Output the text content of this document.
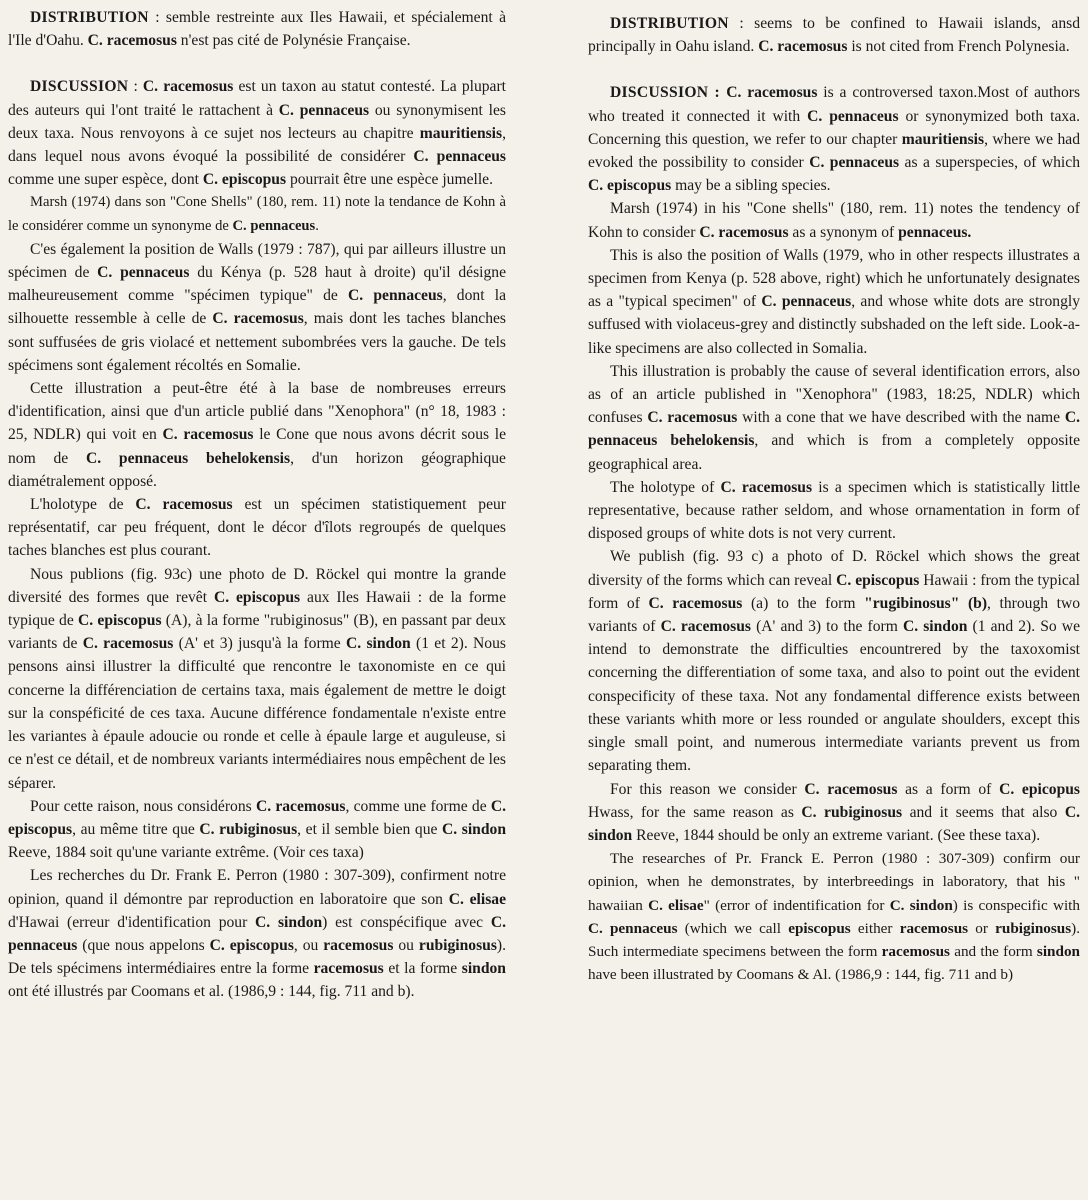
DISTRIBUTION : semble restreinte aux Iles Hawaii, et spécialement à l'Ile d'Oahu. C. racemosus n'est pas cité de Polynésie Française.

DISCUSSION : C. racemosus est un taxon au statut contesté. La plupart des auteurs qui l'ont traité le rattachent à C. pennaceus ou synonymisent les deux taxa. Nous renvoyons à ce sujet nos lecteurs au chapitre mauritiensis, dans lequel nous avons évoqué la possibilité de considérer C. pennaceus comme une super espèce, dont C. episcopus pourrait être une espèce jumelle.

Marsh (1974) dans son "Cone Shells" (180, rem. 11) note la tendance de Kohn à le considérer comme un synonyme de C. pennaceus.

C'es également la position de Walls (1979 : 787), qui par ailleurs illustre un spécimen de C. pennaceus du Kénya (p. 528 haut à droite) qu'il désigne malheureusement comme "spécimen typique" de C. pennaceus, dont la silhouette ressemble à celle de C. racemosus, mais dont les taches blanches sont suffusées de gris violacé et nettement subombrées vers la gauche. De tels spécimens sont également récoltés en Somalie.

Cette illustration a peut-être été à la base de nombreuses erreurs d'identification, ainsi que d'un article publié dans "Xenophora" (n° 18, 1983 : 25, NDLR) qui voit en C. racemosus le Cone que nous avons décrit sous le nom de C. pennaceus behelokensis, d'un horizon géographique diamétralement opposé.

L'holotype de C. racemosus est un spécimen statistiquement peur représentatif, car peu fréquent, dont le décor d'îlots regroupés de quelques taches blanches est plus courant.

Nous publions (fig. 93c) une photo de D. Röckel qui montre la grande diversité des formes que revêt C. episcopus aux Iles Hawaii : de la forme typique de C. episcopus (A), à la forme "rubiginosus" (B), en passant par deux variants de C. racemosus (A' et 3) jusqu'à la forme C. sindon (1 et 2). Nous pensons ainsi illustrer la difficulté que rencontre le taxonomiste en ce qui concerne la différenciation de certains taxa, mais également de mettre le doigt sur la conspéficité de ces taxa. Aucune différence fondamentale n'existe entre les variantes à épaule adoucie ou ronde et celle à épaule large et auguleuse, si ce n'est ce détail, et de nombreux variants intermédiaires nous empêchent de les séparer.

Pour cette raison, nous considérons C. racemosus, comme une forme de C. episcopus, au même titre que C. rubiginosus, et il semble bien que C. sindon Reeve, 1884 soit qu'une variante extrême. (Voir ces taxa)

Les recherches du Dr. Frank E. Perron (1980 : 307-309), confirment notre opinion, quand il démontre par reproduction en laboratoire que son C. elisae d'Hawai (erreur d'identification pour C. sindon) est conspécifique avec C. pennaceus (que nous appelons C. episcopus, ou racemosus ou rubiginosus). De tels spécimens intermédiaires entre la forme racemosus et la forme sindon ont été illustrés par Coomans et al. (1986,9 : 144, fig. 711 and b).

DISTRIBUTION : seems to be confined to Hawaii islands, ansd principally in Oahu island. C. racemosus is not cited from French Polynesia.

DISCUSSION : C. racemosus is a controversed taxon.Most of authors who treated it connected it with C. pennaceus or synonymized both taxa. Concerning this question, we refer to our chapter mauritiensis, where we had evoked the possibility to consider C. pennaceus as a superspecies, of which C. episcopus may be a sibling species.

Marsh (1974) in his "Cone shells" (180, rem. 11) notes the tendency of Kohn to consider C. racemosus as a synonym of pennaceus.

This is also the position of Walls (1979, who in other respects illustrates a specimen from Kenya (p. 528 above, right) which he unfortunately designates as a "typical specimen" of C. pennaceus, and whose white dots are strongly suffused with violaceus-grey and distinctly subshaded on the left side. Look-a-like specimens are also collected in Somalia.

This illustration is probably the cause of several identification errors, also as of an article published in "Xenophora" (1983, 18:25, NDLR) which confuses C. racemosus with a cone that we have described with the name C. pennaceus behelokensis, and which is from a completely opposite geographical area.

The holotype of C. racemosus is a specimen which is statistically little representative, because rather seldom, and whose ornamentation in form of disposed groups of white dots is not very current.

We publish (fig. 93 c) a photo of D. Röckel which shows the great diversity of the forms which can reveal C. episcopus Hawaii : from the typical form of C. racemosus (a) to the form "rugibinosus" (b), through two variants of C. racemosus (A' and 3) to the form C. sindon (1 and 2). So we intend to demonstrate the difficulties encountrered by the taxoxomist concerning the differentiation of some taxa, and also to point out the evident conspecificity of these taxa. Not any fondamental difference exists between these variants whith more or less rounded or angulate shoulders, except this single small point, and numerous intermediate variants prevent us from separating them.

For this reason we consider C. racemosus as a form of C. epicopus Hwass, for the same reason as C. rubiginosus and it seems that also C. sindon Reeve, 1844 should be only an extreme variant. (See these taxa).

The researches of Pr. Franck E. Perron (1980 : 307-309) confirm our opinion, when he demonstrates, by interbreedings in laboratory, that his " hawaiian C. elisae" (error of indentification for C. sindon) is conspecific with C. pennaceus (which we call episcopus either racemosus or rubiginosus). Such intermediate specimens between the form racemosus and the form sindon have been illustrated by Coomans & Al. (1986,9 : 144, fig. 711 and b)
